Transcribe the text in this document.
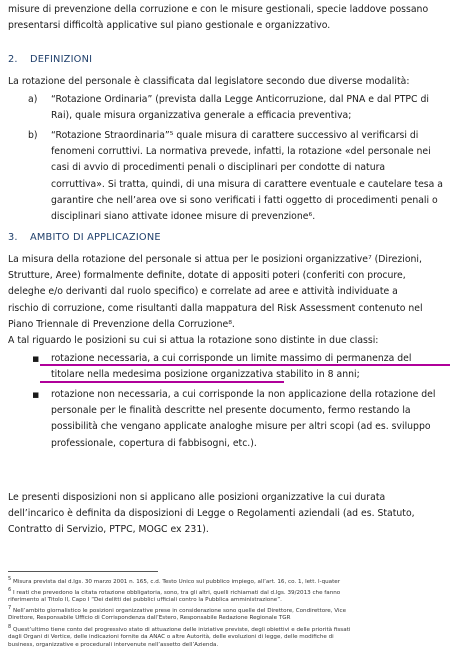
misure di prevenzione della corruzione e con le misure gestionali, specie laddove possano
presentarsi difficoltà applicative sul piano gestionale e organizzativo.
2. DEFINIZIONI
La rotazione del personale è classificata dal legislatore secondo due diverse modalità:
a) “Rotazione Ordinaria” (prevista dalla Legge Anticorruzione, dal PNA e dal PTPC di
Rai), quale misura organizzativa generale a efficacia preventiva;
b) “Rotazione Straordinaria”⁵ quale misura di carattere successivo al verificarsi di
fenomeni corruttivi. La normativa prevede, infatti, la rotazione «del personale nei
casi di avvio di procedimenti penali o disciplinari per condotte di natura
corruttiva». Si tratta, quindi, di una misura di carattere eventuale e cautelare tesa a
garantire che nell’area ove si sono verificati i fatti oggetto di procedimenti penali o
disciplinari siano attivate idonee misure di prevenzione⁶.
3. AMBITO DI APPLICAZIONE
La misura della rotazione del personale si attua per le posizioni organizzative⁷ (Direzioni,
Strutture, Aree) formalmente definite, dotate di appositi poteri (conferiti con procure,
deleghe e/o derivanti dal ruolo specifico) e correlate ad aree e attività individuate a
rischio di corruzione, come risultanti dalla mappatura del Risk Assessment contenuto nel
Piano Triennale di Prevenzione della Corruzione⁸.
A tal riguardo le posizioni su cui si attua la rotazione sono distinte in due classi:
▪ rotazione necessaria, a cui corrisponde un limite massimo di permanenza del
titolare nella medesima posizione organizzativa stabilito in 8 anni;
▪ rotazione non necessaria, a cui corrisponde la non applicazione della rotazione del
personale per le finalità descritte nel presente documento, fermo restando la
possibilità che vengano applicate analoghe misure per altri scopi (ad es. sviluppo
professionale, copertura di fabbisogni, etc.).
Le presenti disposizioni non si applicano alle posizioni organizzative la cui durata
dell’incarico è definita da disposizioni di Legge o Regolamenti aziendali (ad es. Statuto,
Contratto di Servizio, PTPC, MOGC ex 231).
$^5$ Misura prevista dal d.lgs. 30 marzo 2001 n. 165, c.d. Testo Unico sul pubblico impiego, all’art. 16, co. 1, lett. l-quater
$^6$ I reati che prevedono la citata rotazione obbligatoria, sono, tra gli altri, quelli richiamati dal d.lgs. 39/2013 che fanno
riferimento al Titolo II, Capo I “Dei delitti dei pubblici ufficiali contro la Pubblica amministrazione”.
$^7$ Nell’ambito giornalistico le posizioni organizzative prese in considerazione sono quelle del Direttore, Condirettore, Vice
Direttore, Responsabile Ufficio di Corrispondenza dall’Estero, Responsabile Redazione Regionale TGR
$^8$ Quest’ultimo tiene conto del progressivo stato di attuazione delle iniziative previste, degli obiettivi e delle priorità fissati
dagli Organi di Vertice, delle indicazioni fornite da ANAC o altre Autorità, delle evoluzioni di legge, delle modifiche di
business, organizzative e procedurali intervenute nell’assetto dell’Azienda.
